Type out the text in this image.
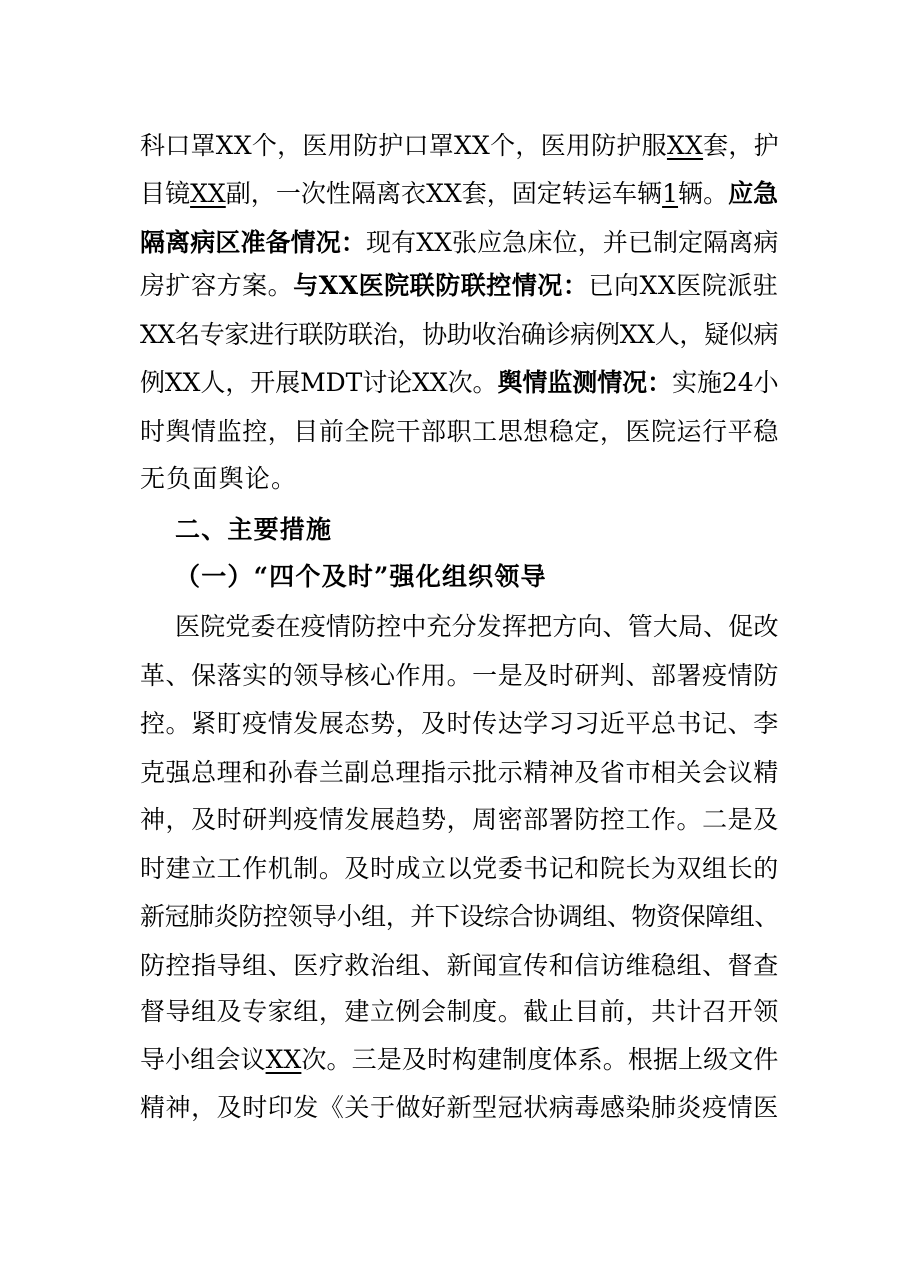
科口罩XX个，医用防护口罩XX个，医用防护服XX套，护
目镜XX副，一次性隔离衣XX套，固定转运车辆1辆。应急
隔离病区准备情况：现有XX张应急床位，并已制定隔离病
房扩容方案。与XX医院联防联控情况：已向XX医院派驻
XX名专家进行联防联治，协助收治确诊病例XX人，疑似病
例XX人，开展MDT讨论XX次。舆情监测情况：实施24小
时舆情监控，目前全院干部职工思想稳定，医院运行平稳
无负面舆论。
二、主要措施
（一）“四个及时”强化组织领导
医院党委在疫情防控中充分发挥把方向、管大局、促改
革、保落实的领导核心作用。一是及时研判、部署疫情防
控。紧盯疫情发展态势，及时传达学习习近平总书记、李
克强总理和孙春兰副总理指示批示精神及省市相关会议精
神，及时研判疫情发展趋势，周密部署防控工作。二是及
时建立工作机制。及时成立以党委书记和院长为双组长的
新冠肺炎防控领导小组，并下设综合协调组、物资保障组、
防控指导组、医疗救治组、新闻宣传和信访维稳组、督查
督导组及专家组，建立例会制度。截止目前，共计召开领
导小组会议XX次。三是及时构建制度体系。根据上级文件
精神，及时印发《关于做好新型冠状病毒感染肺炎疫情医
